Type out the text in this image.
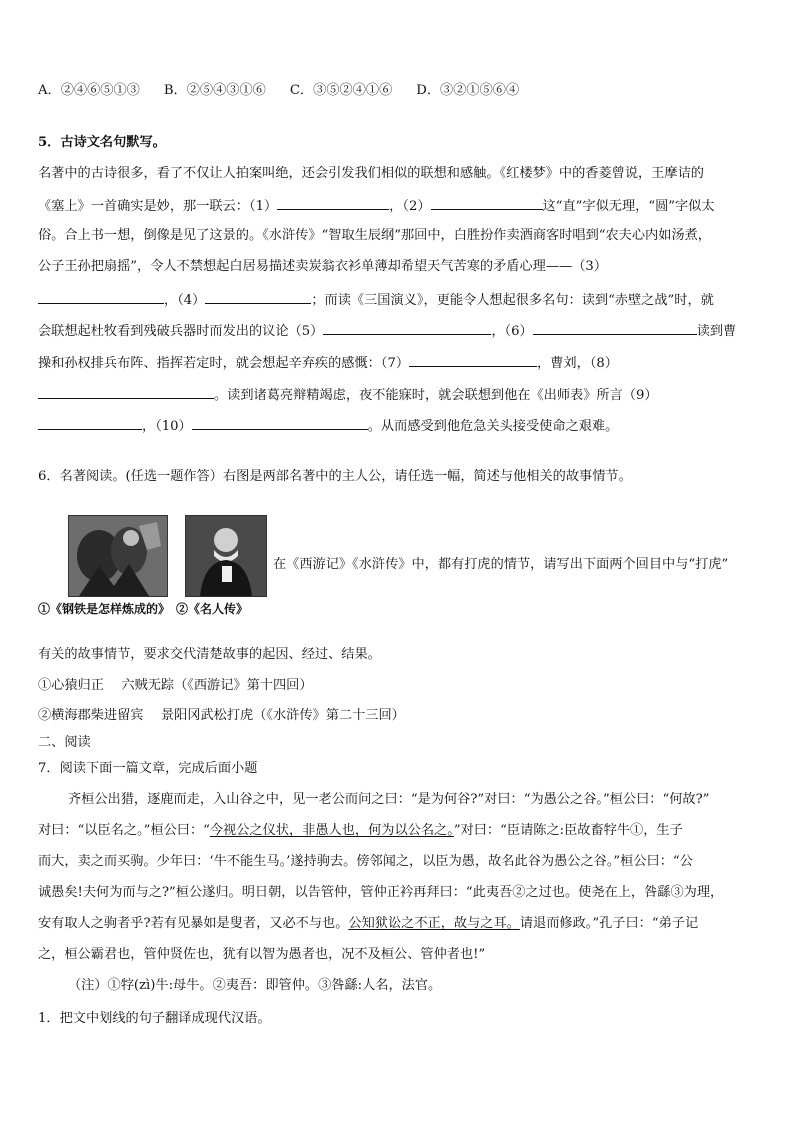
A．②④⑥⑤①③ B．②⑤④③①⑥ C．③⑤②④①⑥ D．③②①⑤⑥④
5．古诗文名句默写。
名著中的古诗很多，看了不仅让人拍案叫绝，还会引发我们相似的联想和感触。《红楼梦》中的香菱曾说，王摩诘的
《塞上》一首确实是妙，那一联云：（1）	，（2）	这“直”字似无理，“圆”字似太
俗。合上书一想，倒像是见了这景的。《水浒传》“智取生辰纲”那回中，白胜扮作卖酒商客时唱到“农夫心内如汤煮，
公子王孙把扇摇”，令人不禁想起白居易描述卖炭翁衣衫单薄却希望天气苦寒的矛盾心理——（3）
，（4）	；而读《三国演义》，更能令人想起很多名句：读到“赤壁之战”时，就
会联想起杜牧看到残破兵器时而发出的议论（5）	，（6）	读到曹
操和孙权排兵布阵、指挥若定时，就会想起辛弃疾的感慨：（7）	，曹刘，（8）
。读到诸葛亮辩精竭虑，夜不能寐时，就会联想到他在《出师表》所言（9）
，（10）	。从而感受到他危急关头接受使命之艰难。
6．名著阅读。(任选一题作答）右图是两部名著中的主人公，请任选一幅，简述与他相关的故事情节。
①《钢铁是怎样炼成的》 ②《名人传》
在《西游记》《水浒传》中，都有打虎的情节，请写出下面两个回目中与“打虎”
有关的故事情节，要求交代清楚故事的起因、经过、结果。
①心猿归正　 六贼无踪（《西游记》第十四回）
②横海郡柴进留宾　 景阳冈武松打虎（《水浒传》第二十三回）
二、阅读
7．阅读下面一篇文章，完成后面小题
齐桓公出猎，逐鹿而走，入山谷之中，见一老公而问之曰：“是为何谷?”对曰：“为愚公之谷。”桓公曰：“何故?”
对曰：“以臣名之。”桓公曰：“今视公之仪状，非愚人也，何为以公名之。”对曰：“臣请陈之:臣故畜牸牛①，生子
而大，卖之而买驹。少年曰：‘牛不能生马。’遂持驹去。傍邻闻之，以臣为愚，故名此谷为愚公之谷。”桓公曰：“公
诚愚矣!夫何为而与之?”桓公遂归。明日朝，以告管仲，管仲正衿再拜曰：“此夷吾②之过也。使尧在上，咎繇③为理，
安有取人之驹者乎?若有见暴如是叟者，又必不与也。公知狱讼之不正，故与之耳。请退而修政。”孔子曰：“弟子记
之，桓公霸君也，管仲贤佐也，犹有以智为愚者也，况不及桓公、管仲者也!”
（注）①牸(zì)牛:母牛。②夷吾：即管仲。③咎繇:人名，法官。
1．把文中划线的句子翻译成现代汉语。
